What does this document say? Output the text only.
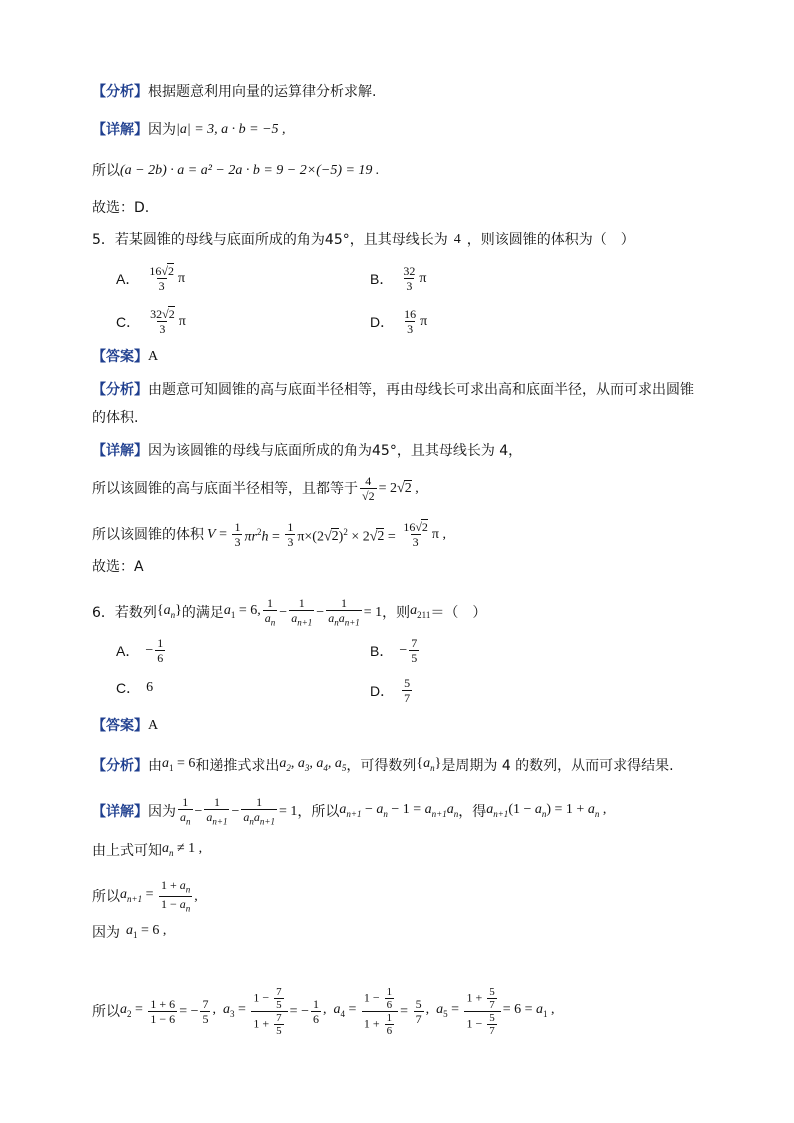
【分析】 根据题意利用向量的运算律分析求解.
【详解】 因为 |a| = 3, a · b = −5 ,
所以 (a − 2b) · a = a² − 2a · b = 9 − 2×(−5) = 19 .
故选：D.
5．若某圆锥的母线与底面所成的角为45°，且其母线长为 4 ，则该圆锥的体积为（　）
A． $\frac{16√2}{3}$ π	B． $\frac{32}{3}$ π
C． $\frac{32√2}{3}$ π	D． $\frac{16}{3}$ π
【答案】 A
【分析】 由题意可知圆锥的高与底面半径相等，再由母线长可求出高和底面半径，从而可求出圆锥
的体积.
【详解】 因为该圆锥的母线与底面所成的角为45°，且其母线长为 4，
所以该圆锥的高与底面半径相等，且都等于 $\frac{4}{√2} = 2√2$ ,
所以该圆锥的体积 $V = \frac{1}{3} \pi r^2h = \frac{1}{3} \pi\times(2√2)^2 \times 2√2 = \frac{16√2}{3}$ π ,
故选：A
6．若数列 $\{a_n\}$ 的满足 $a_1 = 6$, $\frac{1}{a_n} - \frac{1}{a_{n+1}} - \frac{1}{a_na_{n+1}} = 1$ ，则 $a_{211}$ ＝（　）
A． − $\frac{1}{6}$	B． − $\frac{7}{5}$
C． 6	D． $\frac{5}{7}$
【答案】 A
【分析】 由 $a_1 = 6$ 和递推式求出 $a_2$, $a_3$, $a_4$, $a_5$ ，可得数列 $\{a_n\}$ 是周期为 4 的数列，从而可求得结果.
【详解】 因为 $\frac{1}{a_n} - \frac{1}{a_{n+1}} - \frac{1}{a_na_{n+1}} = 1$ ，所以 $a_{n+1} - a_n - 1 = a_{n+1}a_n$ ，得 $a_{n+1}(1 - a_n) = 1 + a_n$ ,
由上式可知 $a_n \ne 1$ ,
所以 $a_{n+1} = \frac{1 + a_n}{1 - a_n}$ ,
因为 $a_1 = 6$ ,
所以 $a_2 = \frac{1 + 6}{1 - 6}$ = − $\frac{7}{5}$ ,  $a_3 = \frac{1 - \frac{7}{5}}{1 + \frac{7}{5}}$ = − $\frac{1}{6}$ ,  $a_4 = \frac{1 - \frac{1}{6}}{1 + \frac{1}{6}} = \frac{5}{7}$ ,  $a_5 = \frac{1 + \frac{5}{7}}{1 - \frac{5}{7}} = 6 = a_1$ ,
